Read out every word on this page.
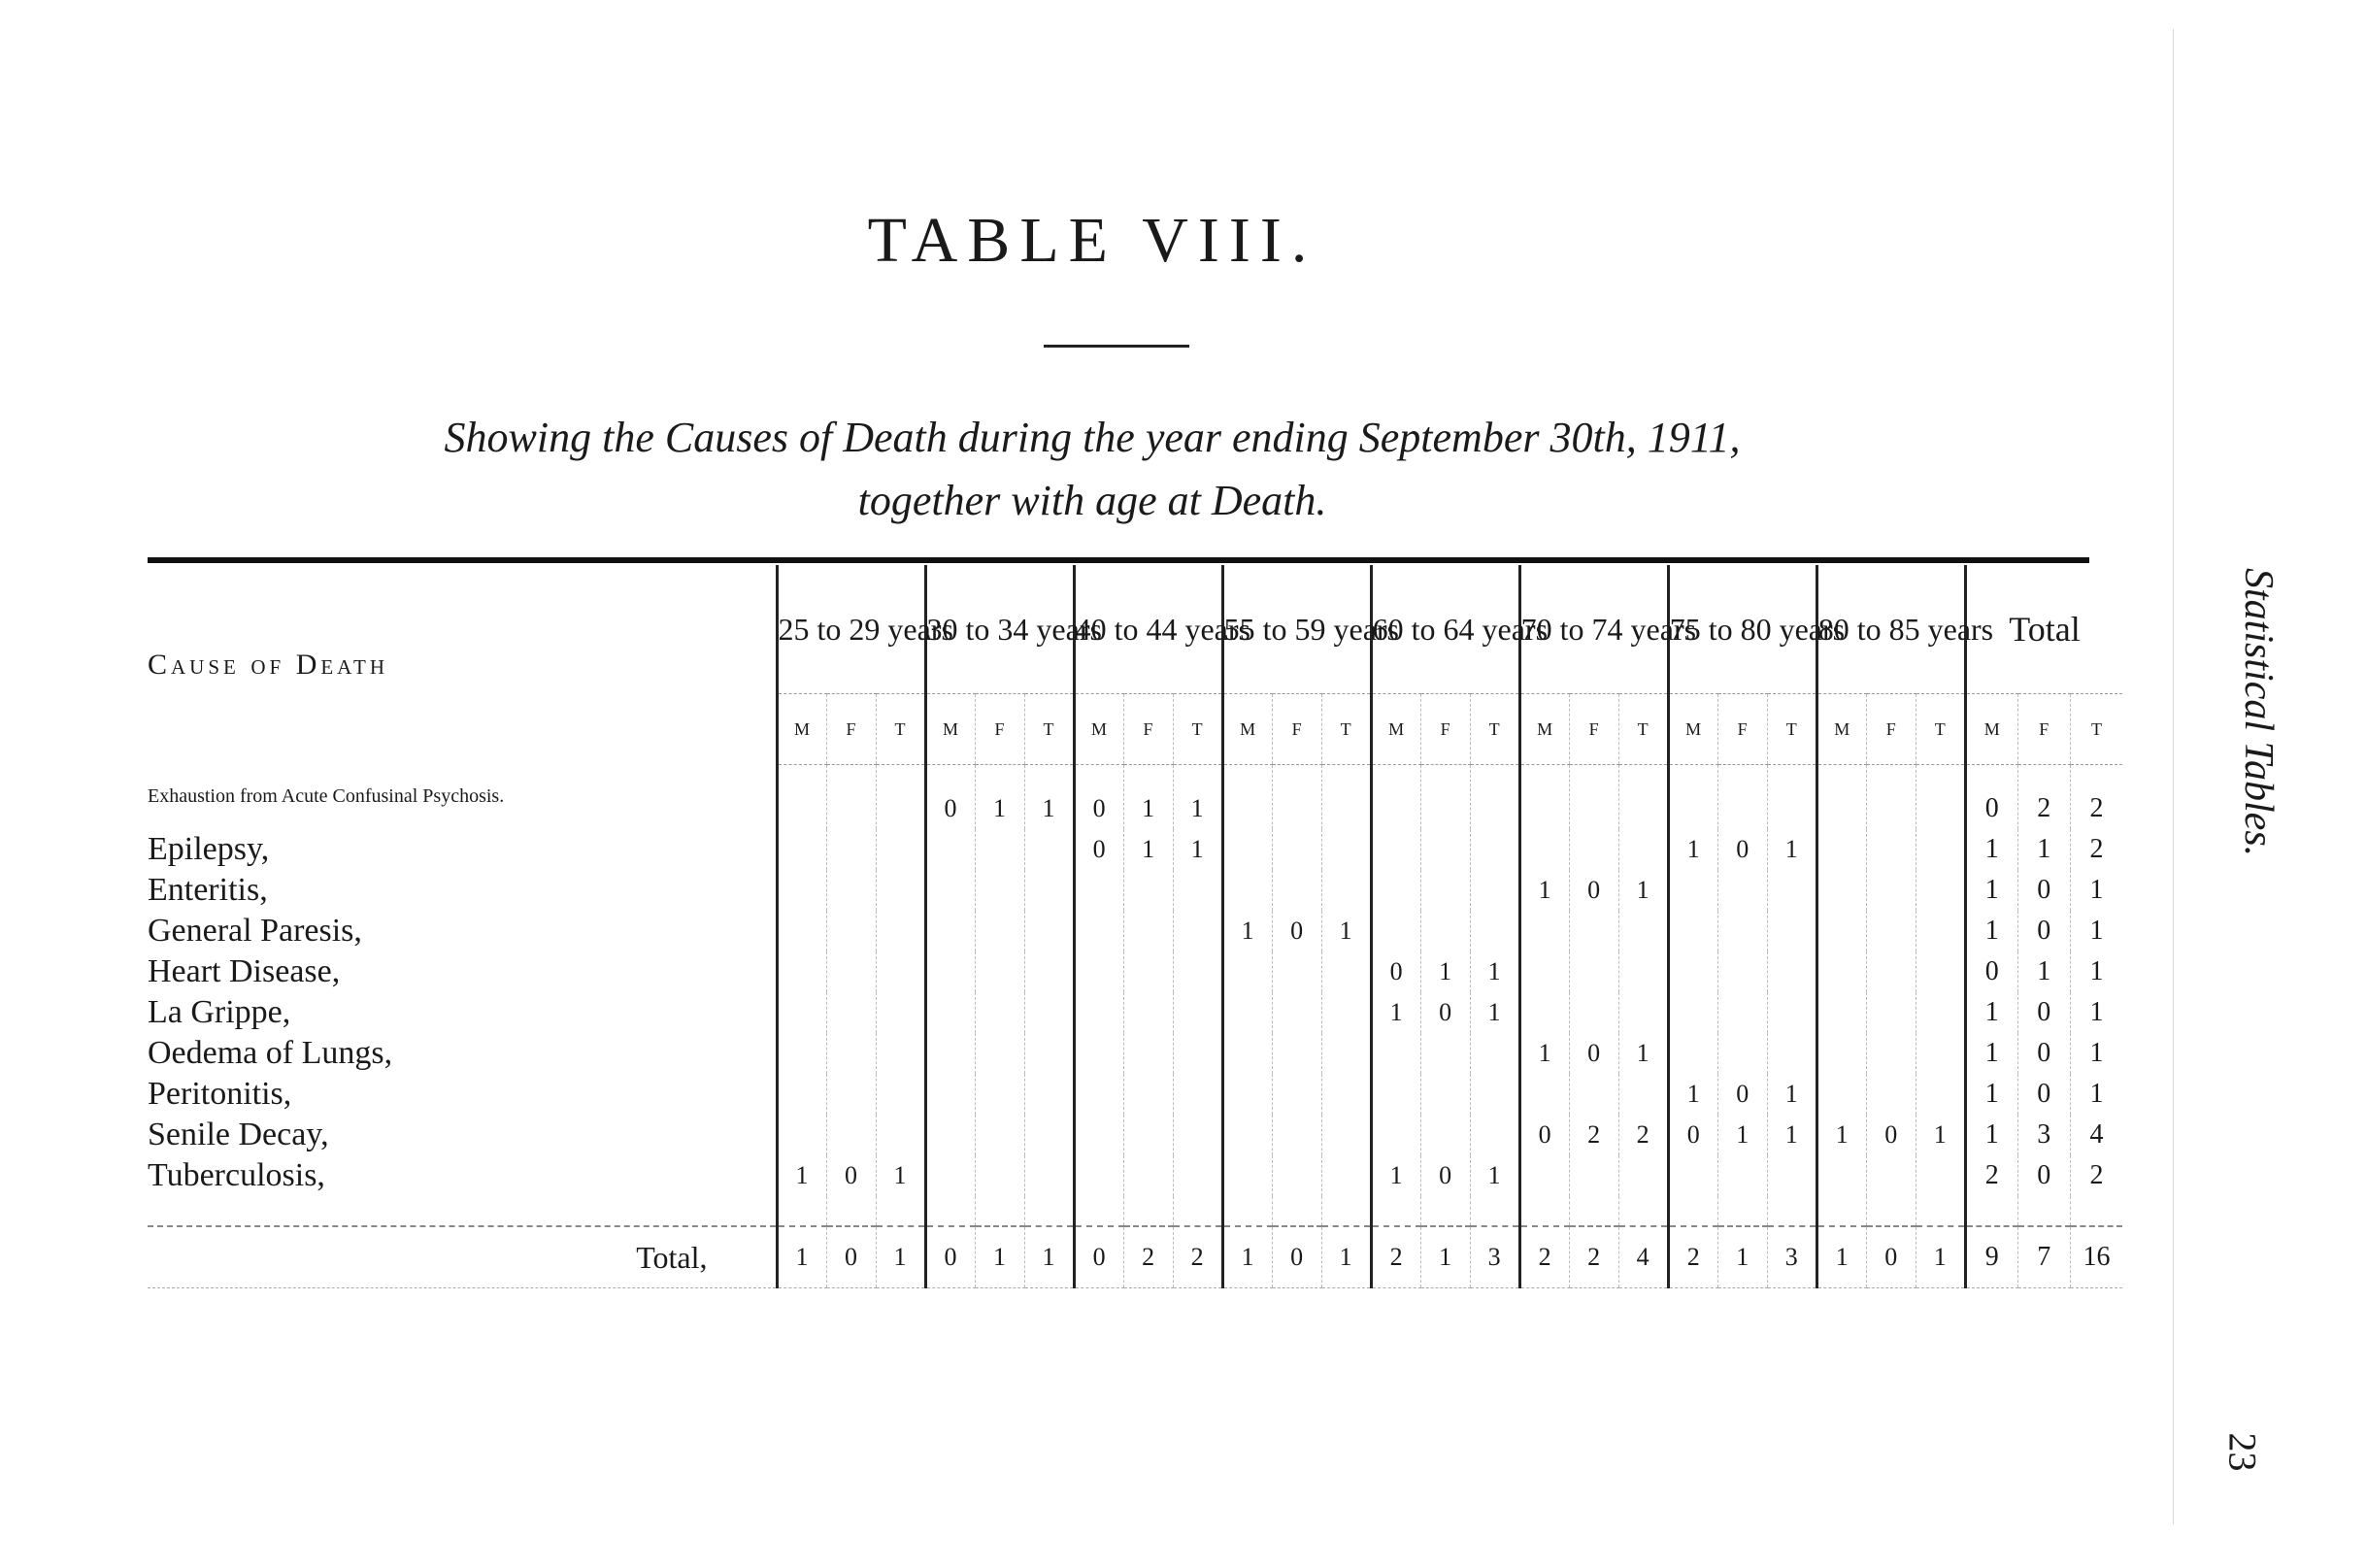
TABLE VIII.
Showing the Causes of Death during the year ending September 30th, 1911,
together with age at Death.
Cause of Death	25 to 29 years			30 to 34 years			40 to 44 years			55 to 59 years			60 to 64 years			70 to 74 years			75 to 80 years			80 to 85 years			Total		
	M	F	T	M	F	T	M	F	T	M	F	T	M	F	T	M	F	T	M	F	T	M	F	T	M	F	T
Exhaustion from Acute Confusinal Psychosis.				0	1	1	0	1	1																0	2	2
Epilepsy,							0	1	1										1	0	1				1	1	2
Enteritis,																1	0	1							1	0	1
General Paresis,										1	0	1													1	0	1
Heart Disease,													0	1	1										0	1	1
La Grippe,													1	0	1										1	0	1
Oedema of Lungs,																1	0	1							1	0	1
Peritonitis,																			1	0	1				1	0	1
Senile Decay,																0	2	2	0	1	1	1	0	1	1	3	4
Tuberculosis,	1	0	1										1	0	1										2	0	2

Total,	1	0	1	0	1	1	0	2	2	1	0	1	2	1	3	2	2	4	2	1	3	1	0	1	9	7	16
Statistical Tables.
23
